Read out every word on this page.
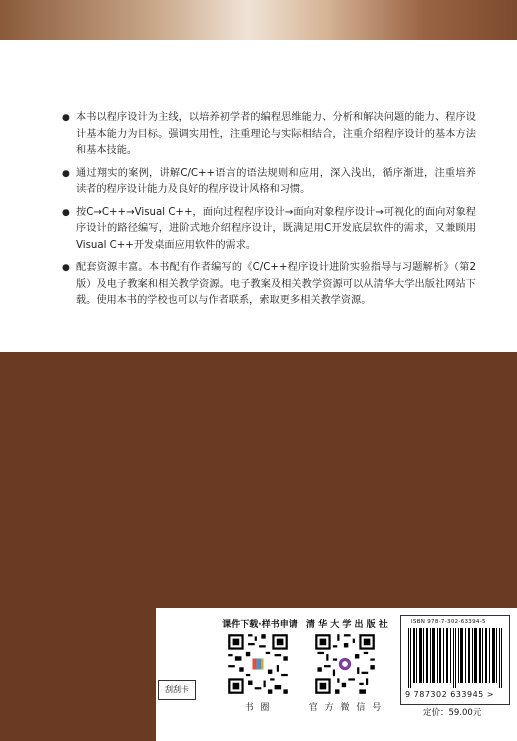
● 本书以程序设计为主线，以培养初学者的编程思维能力、分析和解决问题的能力、程序设计基本能力为目标。强调实用性，注重理论与实际相结合，注重介绍程序设计的基本方法和基本技能。
● 通过翔实的案例，讲解C/C++语言的语法规则和应用，深入浅出，循序渐进，注重培养读者的程序设计能力及良好的程序设计风格和习惯。
● 按C→C++→Visual C++，面向过程程序设计→面向对象程序设计→可视化的面向对象程序设计的路径编写，进阶式地介绍程序设计，既满足用C开发底层软件的需求，又兼顾用Visual C++开发桌面应用软件的需求。
● 配套资源丰富。本书配有作者编写的《C/C++程序设计进阶实验指导与习题解析》（第2版）及电子教案和相关教学资源。电子教案及相关教学资源可以从清华大学出版社网站下载。使用本书的学校也可以与作者联系，索取更多相关教学资源。
课件下载·样书申请
书 圈
清 华 大 学 出 版 社
官 方 微 信 号
刮刮卡
ISBN 978-7-302-63394-5
9 787302 633945 >
定价：59.00元
